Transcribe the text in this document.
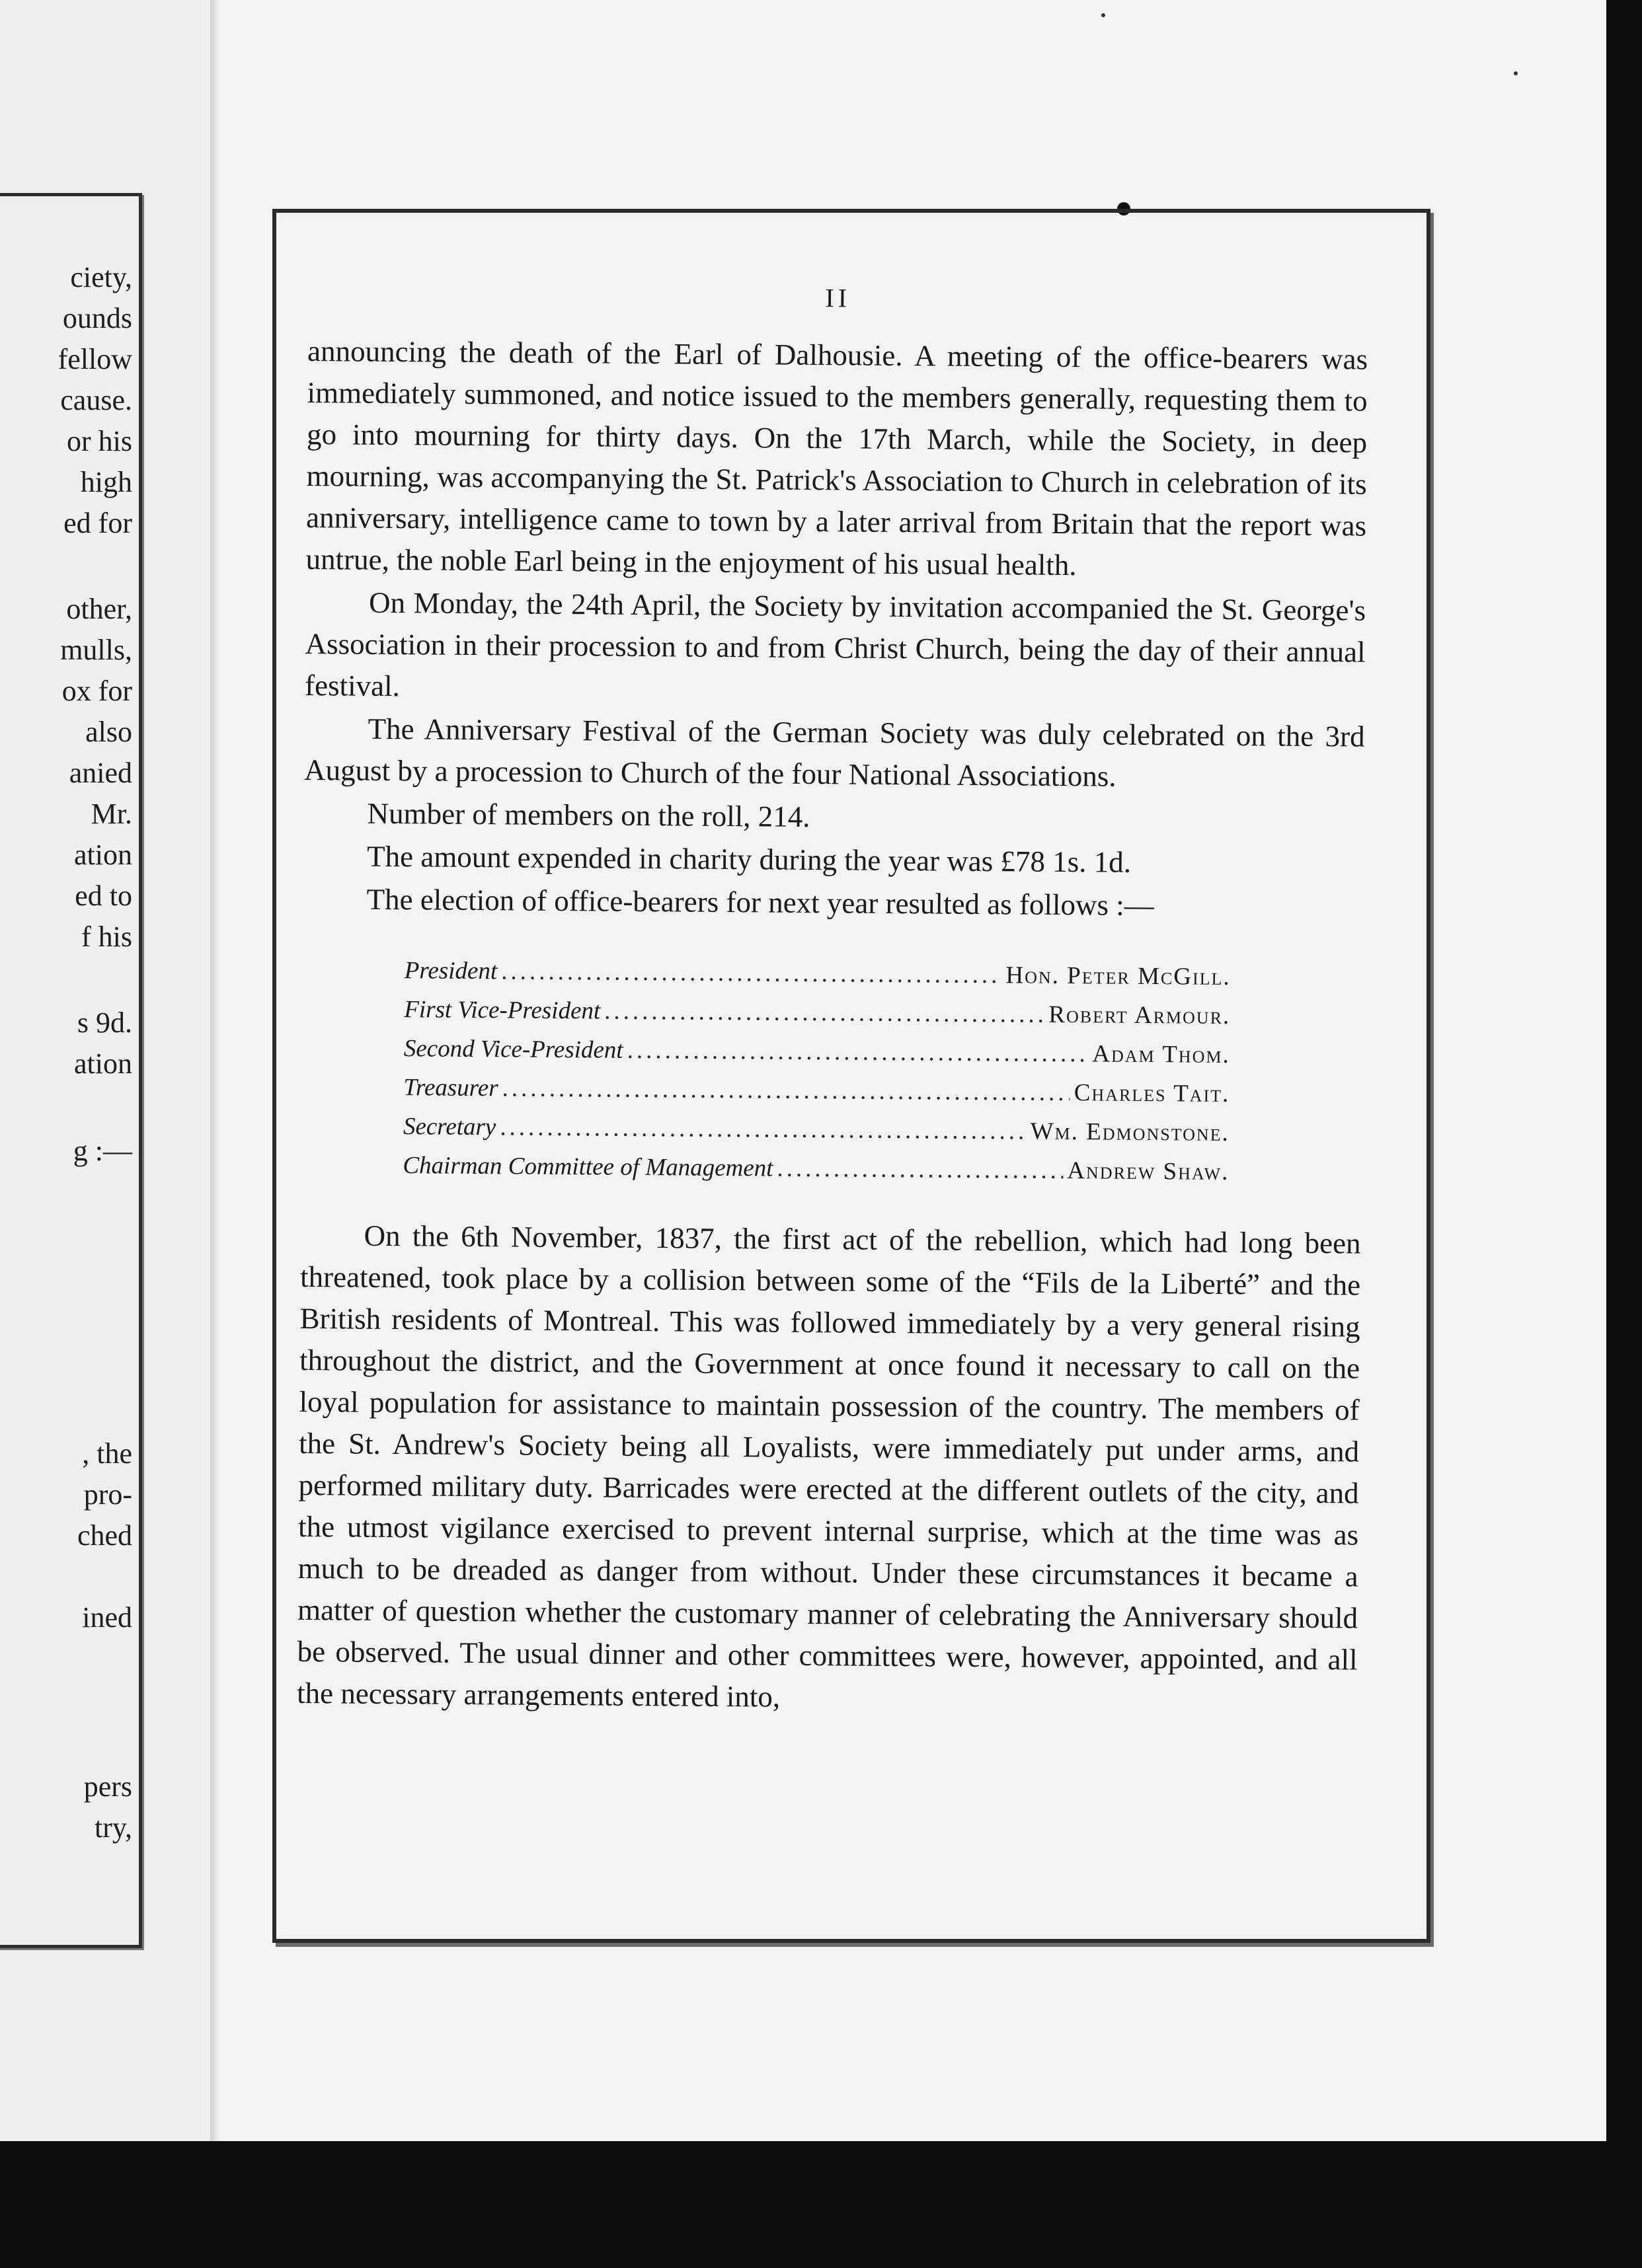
ciety,
ounds
fellow
cause.
or his
high
ed for
other,
mulls,
ox for
also
anied
Mr.
ation
ed to
f his
s 9d.
ation
g :—
, the
pro-
ched
ined
pers
try,
II

announcing the death of the Earl of Dalhousie. A meeting of the office-bearers was immediately summoned, and notice issued to the members generally, requesting them to go into mourning for thirty days. On the 17th March, while the Society, in deep mourning, was accompanying the St. Patrick's Association to Church in celebration of its anniversary, intelligence came to town by a later arrival from Britain that the report was untrue, the noble Earl being in the enjoyment of his usual health.

On Monday, the 24th April, the Society by invitation accompanied the St. George's Association in their procession to and from Christ Church, being the day of their annual festival.

The Anniversary Festival of the German Society was duly celebrated on the 3rd August by a procession to Church of the four National Associations.

Number of members on the roll, 214.

The amount expended in charity during the year was £78 1s. 1d.

The election of office-bearers for next year resulted as follows :—

President .....	Hon. Peter McGill.
First Vice-President .....	Robert Armour.
Second Vice-President .....	Adam Thom.
Treasurer .....	Charles Tait.
Secretary .....	Wm. Edmonstone.
Chairman Committee of Management .....	Andrew Shaw.

On the 6th November, 1837, the first act of the rebellion, which had long been threatened, took place by a collision between some of the “Fils de la Liberté” and the British residents of Montreal. This was followed immediately by a very general rising throughout the district, and the Government at once found it necessary to call on the loyal population for assistance to maintain possession of the country. The members of the St. Andrew's Society being all Loyalists, were immediately put under arms, and performed military duty. Barricades were erected at the different outlets of the city, and the utmost vigilance exercised to prevent internal surprise, which at the time was as much to be dreaded as danger from without. Under these circumstances it became a matter of question whether the customary manner of celebrating the Anniversary should be observed. The usual dinner and other committees were, however, appointed, and all the necessary arrangements entered into,
